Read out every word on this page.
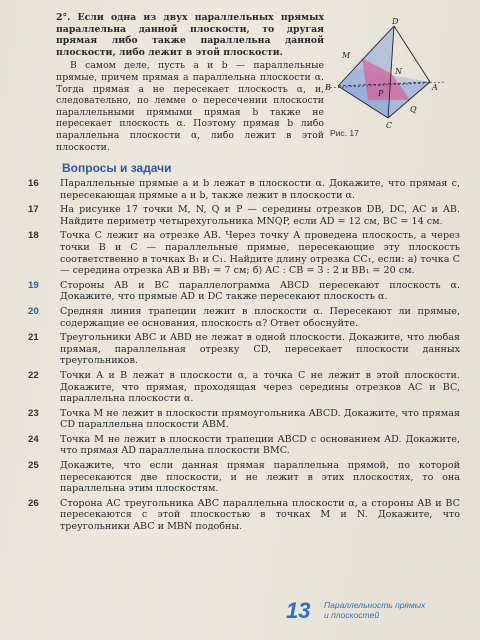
2°. Если одна из двух параллельных прямых параллельна данной плоскости, то другая прямая либо также параллельна данной плоскости, либо лежит в этой плоскости.

В самом деле, пусть a и b — параллельные прямые, причем прямая a параллельна плоскости α. Тогда прямая a не пересекает плоскость α, и, следовательно, по лемме о пересечении плоскости параллельными прямыми прямая b также не пересекает плоскость α. Поэтому прямая b либо параллельна плоскости α, либо лежит в этой плоскости.

D
M
N
B
P
A
Q
C
Рис. 17
Вопросы и задачи
16	Параллельные прямые a и b лежат в плоскости α. Докажите, что прямая c, пересекающая прямые a и b, также лежит в плоскости α.
17	На рисунке 17 точки M, N, Q и P — середины отрезков DB, DC, AC и AB. Найдите периметр четырехугольника MNQP, если AD = 12 см, BC = 14 см.
18	Точка C лежит на отрезке AB. Через точку A проведена плоскость, а через точки B и C — параллельные прямые, пересекающие эту плоскость соответственно в точках B₁ и C₁. Найдите длину отрезка CC₁, если: а) точка C — середина отрезка AB и BB₁ = 7 см; б) AC : CB = 3 : 2 и BB₁ = 20 см.
19	Стороны AB и BC параллелограмма ABCD пересекают плоскость α. Докажите, что прямые AD и DC также пересекают плоскость α.
20	Средняя линия трапеции лежит в плоскости α. Пересекают ли прямые, содержащие ее основания, плоскость α? Ответ обоснуйте.
21	Треугольники ABC и ABD не лежат в одной плоскости. Докажите, что любая прямая, параллельная отрезку CD, пересекает плоскости данных треугольников.
22	Точки A и B лежат в плоскости α, а точка C не лежит в этой плоскости. Докажите, что прямая, проходящая через середины отрезков AC и BC, параллельна плоскости α.
23	Точка M не лежит в плоскости прямоугольника ABCD. Докажите, что прямая CD параллельна плоскости ABM.
24	Точка M не лежит в плоскости трапеции ABCD с основанием AD. Докажите, что прямая AD параллельна плоскости BMC.
25	Докажите, что если данная прямая параллельна прямой, по которой пересекаются две плоскости, и не лежит в этих плоскостях, то она параллельна этим плоскостям.
26	Сторона AC треугольника ABC параллельна плоскости α, а стороны AB и BC пересекаются с этой плоскостью в точках M и N. Докажите, что треугольники ABC и MBN подобны.
13 Параллельность прямых
и плоскостей
